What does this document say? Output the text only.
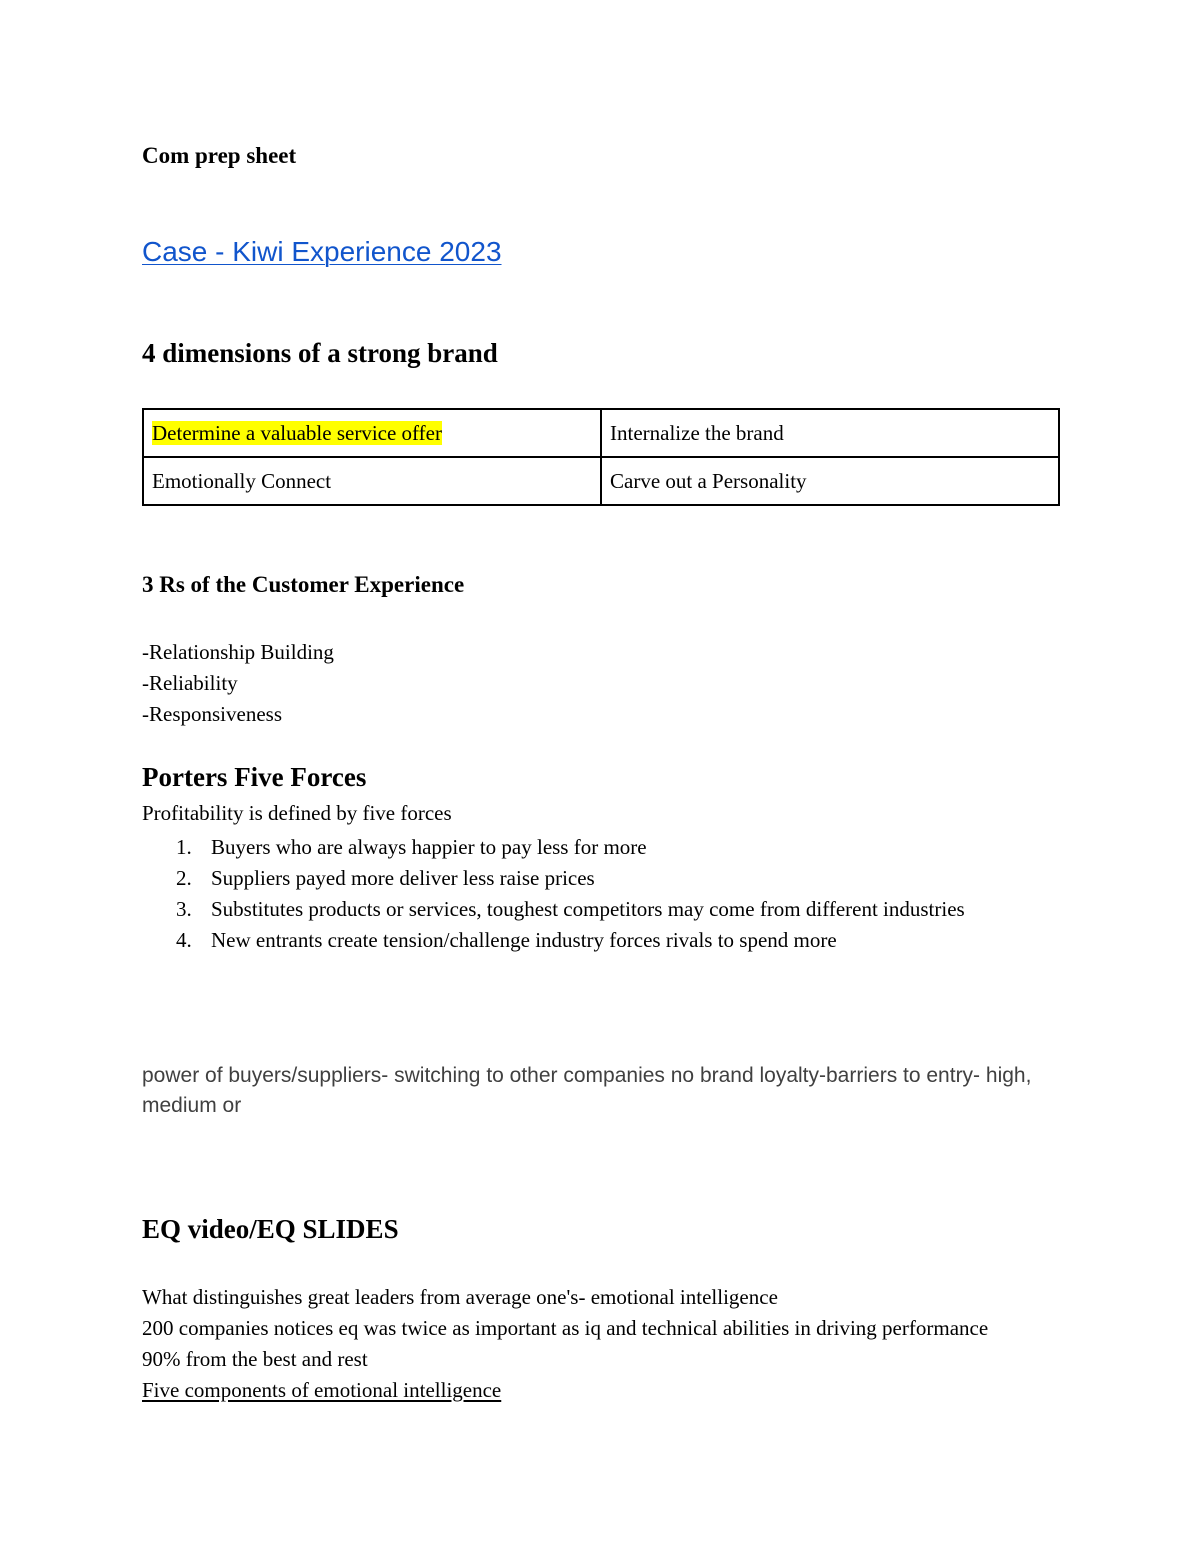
Com prep sheet
Case - Kiwi Experience 2023
4 dimensions of a strong brand
Determine a valuable service offer	Internalize the brand
Emotionally Connect	Carve out a Personality
3 Rs of the Customer Experience
-Relationship Building
-Reliability
-Responsiveness
Porters Five Forces
Profitability is defined by five forces
1. Buyers who are always happier to pay less for more
2. Suppliers payed more deliver less raise prices
3. Substitutes products or services, toughest competitors may come from different industries
4. New entrants create tension/challenge industry forces rivals to spend more
power of buyers/suppliers- switching to other companies no brand loyalty-barriers to entry- high, medium or
EQ video/EQ SLIDES
What distinguishes great leaders from average one's- emotional intelligence
200 companies notices eq was twice as important as iq and technical abilities in driving performance 90% from the best and rest
Five components of emotional intelligence
